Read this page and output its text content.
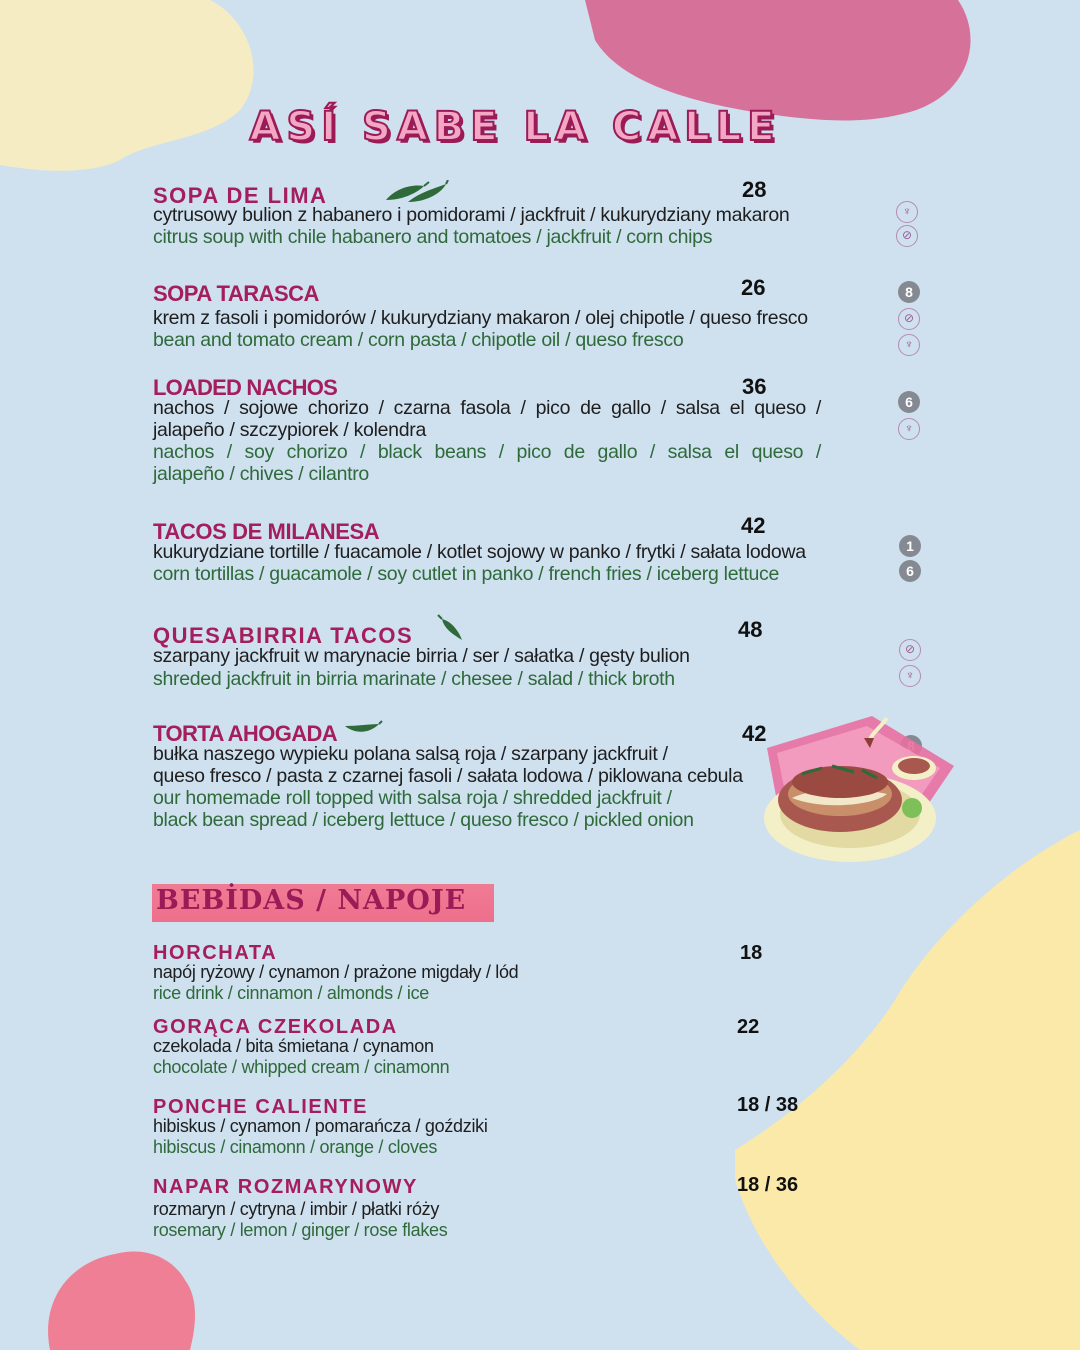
ASÍ SABE LA CALLE
SOPA DE LIMA	28
cytrusowy bulion z habanero i pomidorami / jackfruit / kukurydziany makaron
citrus soup with chile habanero and tomatoes / jackfruit / corn chips
♆
⊘
SOPA TARASCA	26
krem z fasoli i pomidorów / kukurydziany makaron / olej chipotle / queso fresco
bean and tomato cream / corn pasta / chipotle oil / queso fresco
8
⊘
♆
LOADED NACHOS	36
nachos / sojowe chorizo / czarna fasola / pico de gallo / salsa el queso /
jalapeño / szczypiorek / kolendra
nachos / soy chorizo / black beans / pico de gallo / salsa el queso /
jalapeño / chives / cilantro
6
♆
TACOS DE MILANESA	42
kukurydziane tortille / fuacamole / kotlet sojowy w panko / frytki / sałata lodowa
corn tortillas / guacamole / soy cutlet in panko / french fries / iceberg lettuce
1
6
QUESABIRRIA TACOS	48
szarpany jackfruit w marynacie birria / ser / sałatka / gęsty bulion
shreded jackfruit in birria marinate / chesee / salad / thick broth
⊘
♆
TORTA AHOGADA	42
bułka naszego wypieku polana salsą roja / szarpany jackfruit /
queso fresco / pasta z czarnej fasoli / sałata lodowa / piklowana cebula
our homemade roll topped with salsa roja / shredded jackfruit /
black bean spread / iceberg lettuce / queso fresco / pickled onion
BEBİDAS / NAPOJE
HORCHATA	18
napój ryżowy / cynamon / prażone migdały / lód
rice drink / cinnamon / almonds / ice
GORĄCA CZEKOLADA	22
czekolada / bita śmietana / cynamon
chocolate / whipped cream / cinamonn
PONCHE CALIENTE	18 / 38
hibiskus / cynamon / pomarańcza / goździki
hibiscus / cinamonn / orange / cloves
NAPAR ROZMARYNOWY	18 / 36
rozmaryn / cytryna / imbir / płatki róży
rosemary / lemon / ginger / rose flakes
